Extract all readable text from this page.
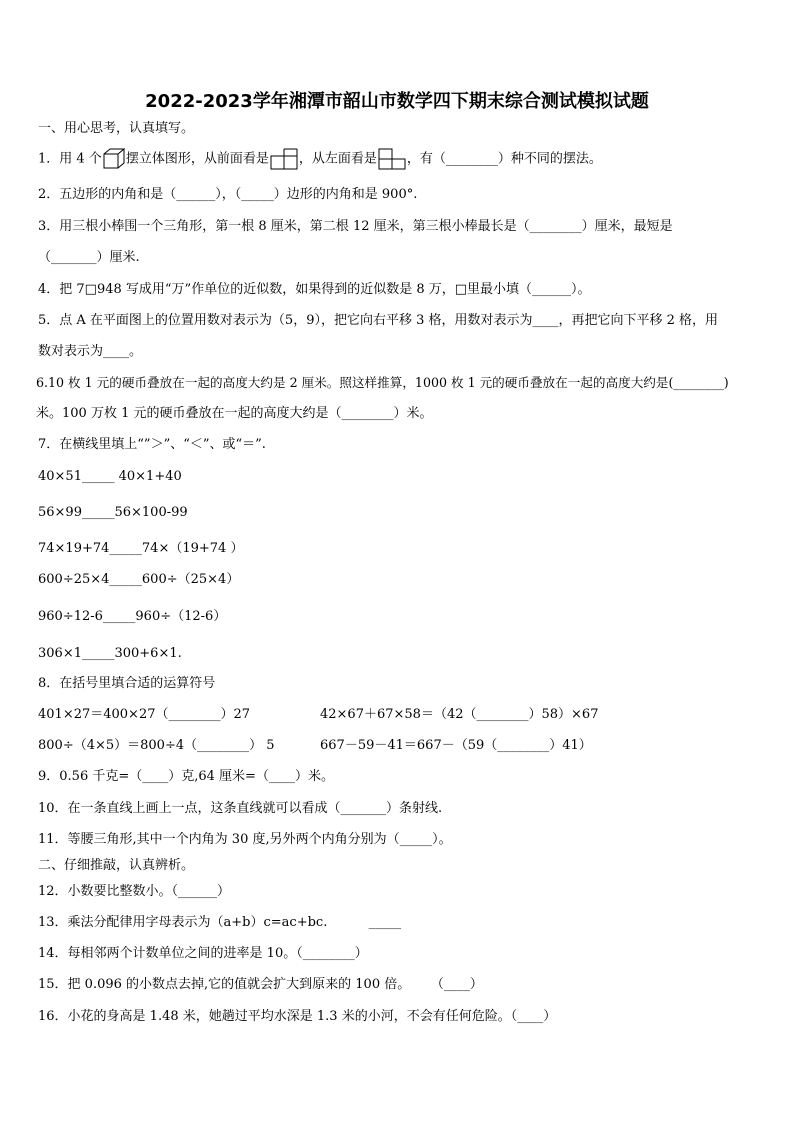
2022-2023学年湘潭市韶山市数学四下期末综合测试模拟试题
一、用心思考，认真填写。
1．用 4 个 摆立体图形，从前面看是 ，从左面看是 ，有（________）种不同的摆法。
2．五边形的内角和是（______），（_____）边形的内角和是 900°.
3．用三根小棒围一个三角形，第一根 8 厘米，第二根 12 厘米，第三根小棒最长是（________）厘米，最短是
（_______）厘米.
4．把 7□948 写成用“万”作单位的近似数，如果得到的近似数是 8 万，□里最小填（______）。
5．点 A 在平面图上的位置用数对表示为（5，9），把它向右平移 3 格，用数对表示为____，再把它向下平移 2 格，用
数对表示为____。
6.10 枚 1 元的硬币叠放在一起的高度大约是 2 厘米。照这样推算，1000 枚 1 元的硬币叠放在一起的高度大约是(________)
米。100 万枚 1 元的硬币叠放在一起的高度大约是（________）米。
7．在横线里填上“”＞”、“＜”、或“＝”.
40×51_____ 40×1+40
56×99_____56×100-99
74×19+74_____74×（19+74 ）
600÷25×4_____600÷（25×4）
960÷12-6_____960÷（12-6）
306×1_____300+6×1.
8．在括号里填合适的运算符号
401×27＝400×27（________）27	42×67＋67×58＝（42（________）58）×67
800÷（4×5）＝800÷4（________） 5	667－59－41＝667－（59（________）41）
9．0.56 千克=（____）克,64 厘米=（____）米。
10．在一条直线上画上一点，这条直线就可以看成（_______）条射线.
11．等腰三角形,其中一个内角为 30 度,另外两个内角分别为（_____）。
二、仔细推敲，认真辨析。
12．小数要比整数小。（______）
13．乘法分配律用字母表示为（a+b）c=ac+bc.          _____
14．每相邻两个计数单位之间的进率是 10。（________）
15．把 0.096 的小数点去掉,它的值就会扩大到原来的 100 倍。     （____）
16．小花的身高是 1.48 米，她趟过平均水深是 1.3 米的小河，不会有任何危险。（____）
